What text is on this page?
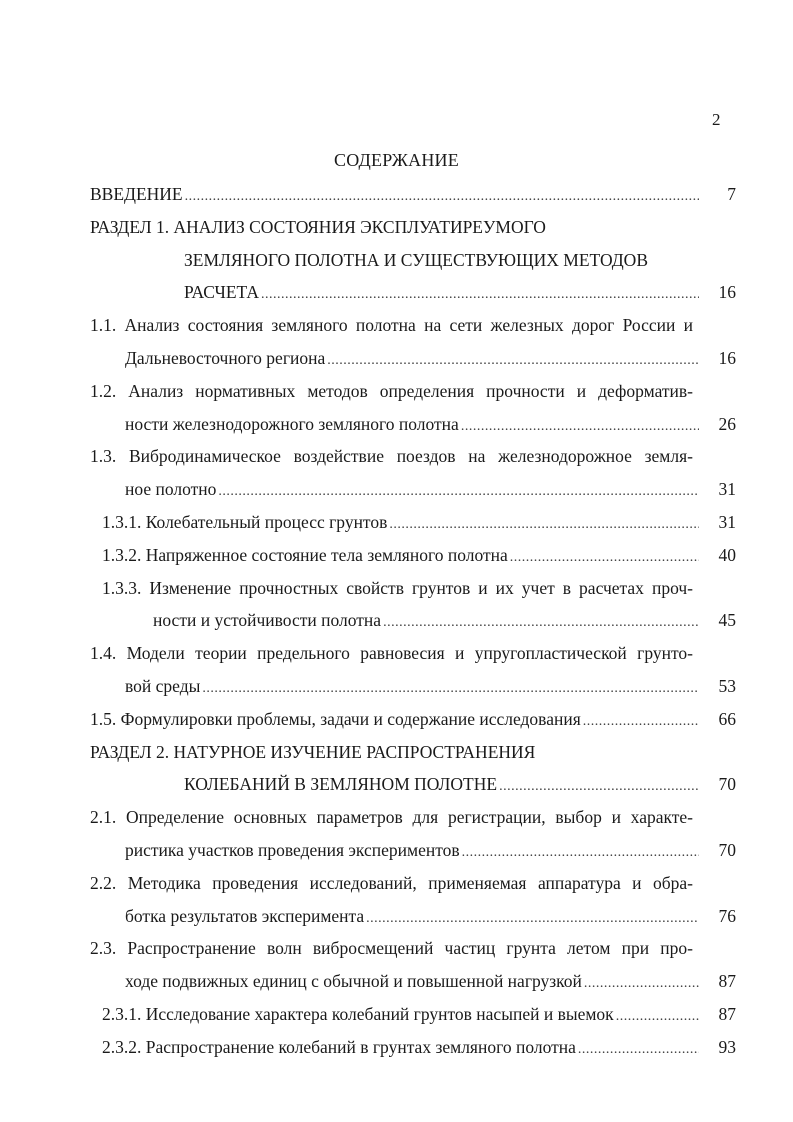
2
СОДЕРЖАНИЕ
ВВЕДЕНИЕ .....	7
РАЗДЕЛ 1. АНАЛИЗ СОСТОЯНИЯ ЭКСПЛУАТИРЕУМОГО
ЗЕМЛЯНОГО ПОЛОТНА И СУЩЕСТВУЮЩИХ МЕТОДОВ
РАСЧЕТА .....	16
1.1. Анализ состояния земляного полотна на сети железных дорог России и
Дальневосточного региона .....	16
1.2. Анализ нормативных методов определения прочности и деформатив-
ности железнодорожного земляного полотна .....	26
1.3. Вибродинамическое воздействие поездов на железнодорожное земля-
ное полотно .....	31
1.3.1. Колебательный процесс грунтов .....	31
1.3.2. Напряженное состояние тела земляного полотна .....	40
1.3.3. Изменение прочностных свойств грунтов и их учет в расчетах проч-
ности и устойчивости полотна .....	45
1.4. Модели теории предельного равновесия и упругопластической грунто-
вой среды .....	53
1.5. Формулировки проблемы, задачи и содержание исследования .....	66
РАЗДЕЛ 2. НАТУРНОЕ ИЗУЧЕНИЕ РАСПРОСТРАНЕНИЯ
КОЛЕБАНИЙ В ЗЕМЛЯНОМ ПОЛОТНЕ .....	70
2.1. Определение основных параметров для регистрации, выбор и характе-
ристика участков проведения экспериментов .....	70
2.2. Методика проведения исследований, применяемая аппаратура и обра-
ботка результатов эксперимента .....	76
2.3. Распространение волн вибросмещений частиц грунта летом при про-
ходе подвижных единиц с обычной и повышенной нагрузкой .....	87
2.3.1. Исследование характера колебаний грунтов насыпей и выемок .....	87
2.3.2. Распространение колебаний в грунтах земляного полотна .....	93
